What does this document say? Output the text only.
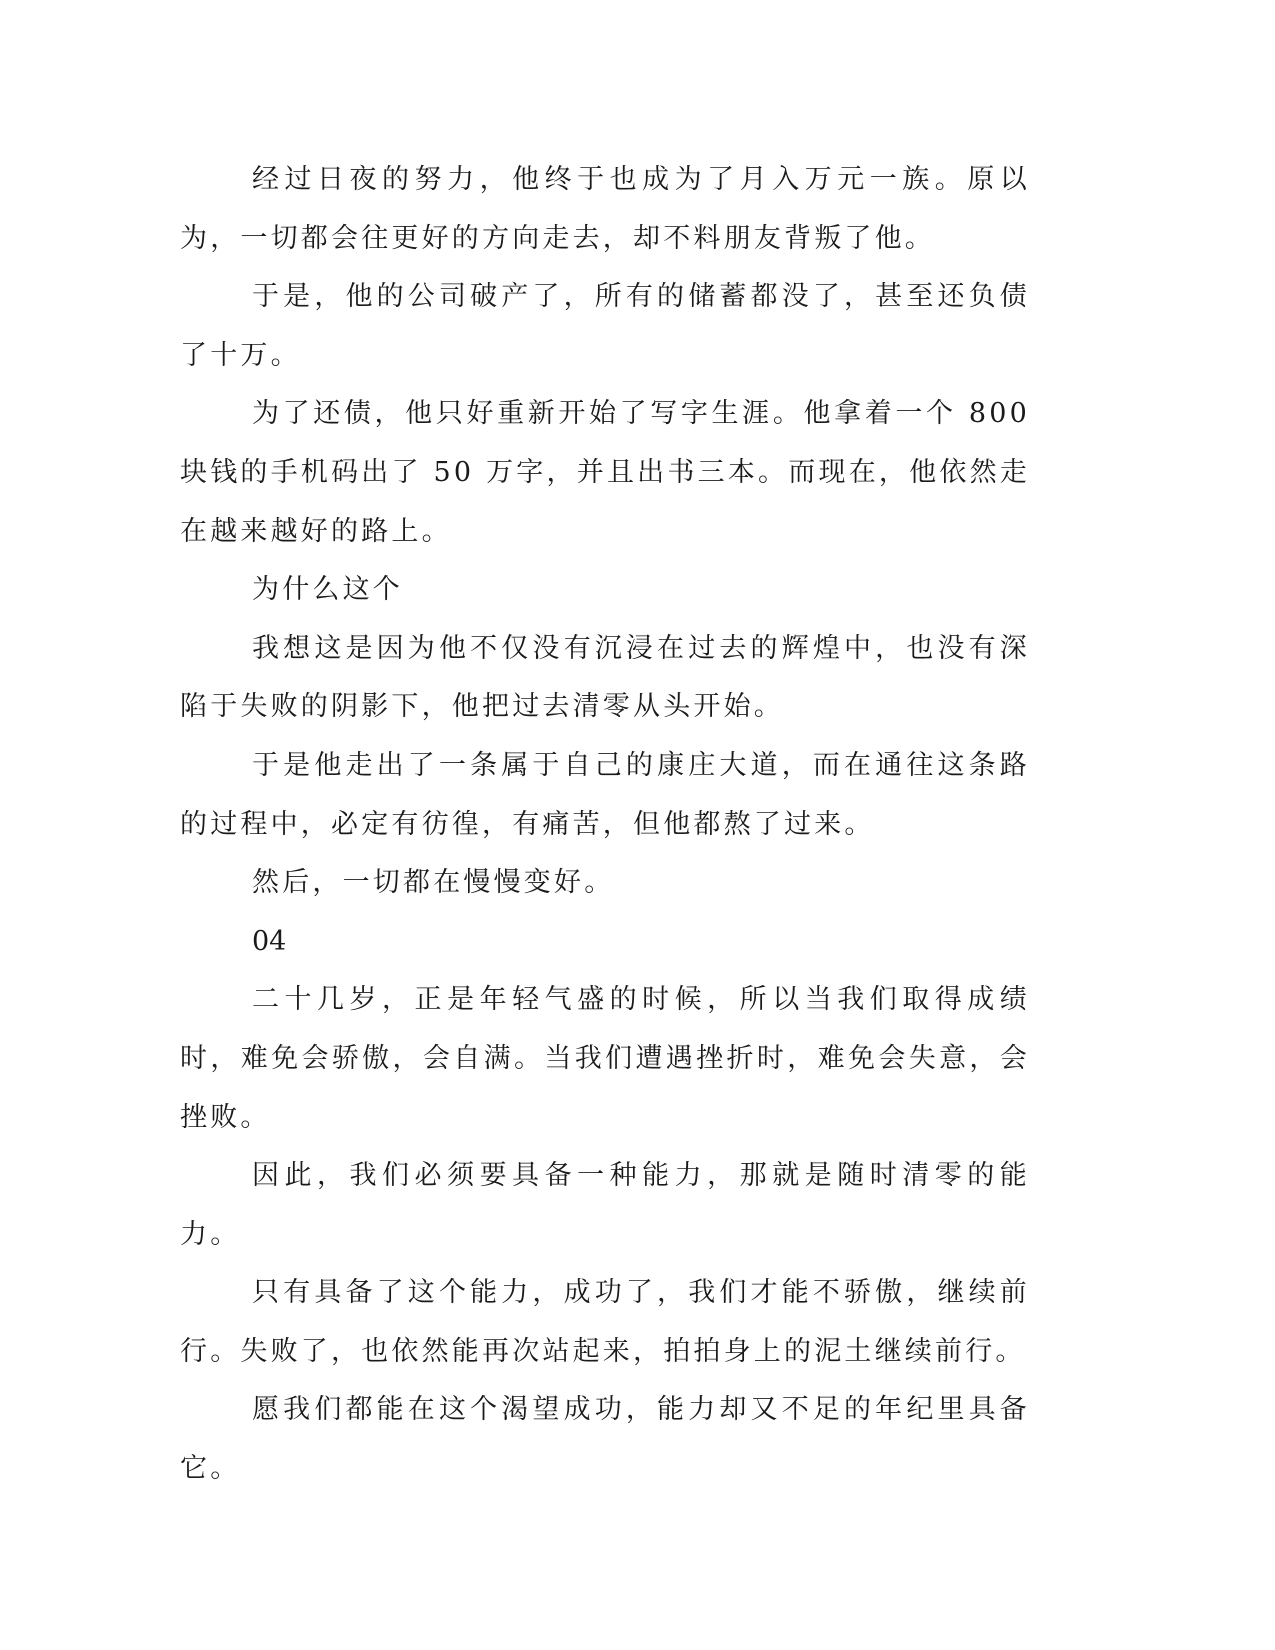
经过日夜的努力，他终于也成为了月入万元一族。原以为，一切都会往更好的方向走去，却不料朋友背叛了他。

于是，他的公司破产了，所有的储蓄都没了，甚至还负债了十万。

为了还债，他只好重新开始了写字生涯。他拿着一个 800 块钱的手机码出了 50 万字，并且出书三本。而现在，他依然走在越来越好的路上。

为什么这个

我想这是因为他不仅没有沉浸在过去的辉煌中，也没有深陷于失败的阴影下，他把过去清零从头开始。

于是他走出了一条属于自己的康庄大道，而在通往这条路的过程中，必定有彷徨，有痛苦，但他都熬了过来。

然后，一切都在慢慢变好。

04

二十几岁，正是年轻气盛的时候，所以当我们取得成绩时，难免会骄傲，会自满。当我们遭遇挫折时，难免会失意，会挫败。

因此，我们必须要具备一种能力，那就是随时清零的能力。

只有具备了这个能力，成功了，我们才能不骄傲，继续前行。失败了，也依然能再次站起来，拍拍身上的泥土继续前行。

愿我们都能在这个渴望成功，能力却又不足的年纪里具备它。
